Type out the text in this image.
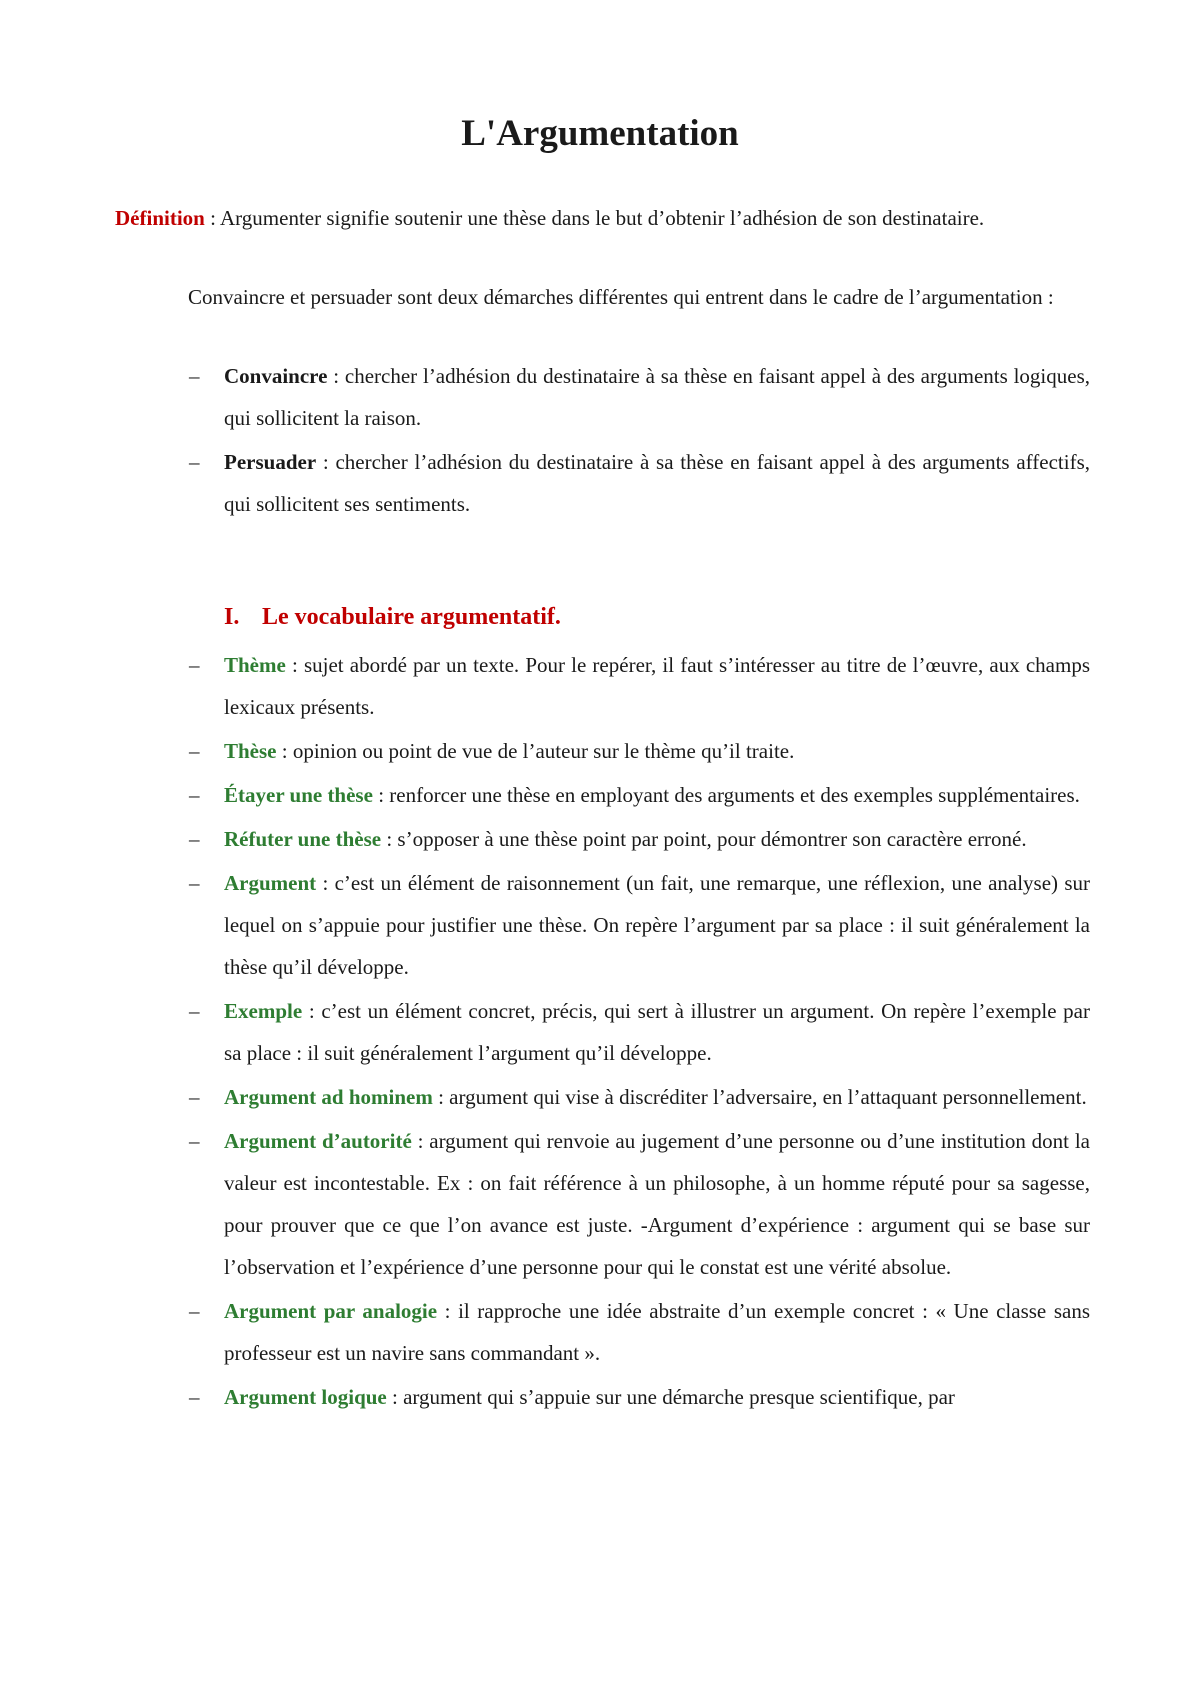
L'Argumentation

Définition : Argumenter signifie soutenir une thèse dans le but d’obtenir l’adhésion de son destinataire.

Convaincre et persuader sont deux démarches différentes qui entrent dans le cadre de l’argumentation :

– Convaincre : chercher l’adhésion du destinataire à sa thèse en faisant appel à des arguments logiques, qui sollicitent la raison.
– Persuader : chercher l’adhésion du destinataire à sa thèse en faisant appel à des arguments affectifs, qui sollicitent ses sentiments.
I. Le vocabulaire argumentatif.
– Thème : sujet abordé par un texte. Pour le repérer, il faut s’intéresser au titre de l’œuvre, aux champs lexicaux présents.
– Thèse : opinion ou point de vue de l’auteur sur le thème qu’il traite.
– Étayer une thèse : renforcer une thèse en employant des arguments et des exemples supplémentaires.
– Réfuter une thèse : s’opposer à une thèse point par point, pour démontrer son caractère erroné.
– Argument : c’est un élément de raisonnement (un fait, une remarque, une réflexion, une analyse) sur lequel on s’appuie pour justifier une thèse. On repère l’argument par sa place : il suit généralement la thèse qu’il développe.
– Exemple : c’est un élément concret, précis, qui sert à illustrer un argument. On repère l’exemple par sa place : il suit généralement l’argument qu’il développe.
– Argument ad hominem : argument qui vise à discréditer l’adversaire, en l’attaquant personnellement.
– Argument d’autorité : argument qui renvoie au jugement d’une personne ou d’une institution dont la valeur est incontestable. Ex : on fait référence à un philosophe, à un homme réputé pour sa sagesse, pour prouver que ce que l’on avance est juste. -Argument d’expérience : argument qui se base sur l’observation et l’expérience d’une personne pour qui le constat est une vérité absolue.
– Argument par analogie : il rapproche une idée abstraite d’un exemple concret : « Une classe sans professeur est un navire sans commandant ».
– Argument logique : argument qui s’appuie sur une démarche presque scientifique, par
